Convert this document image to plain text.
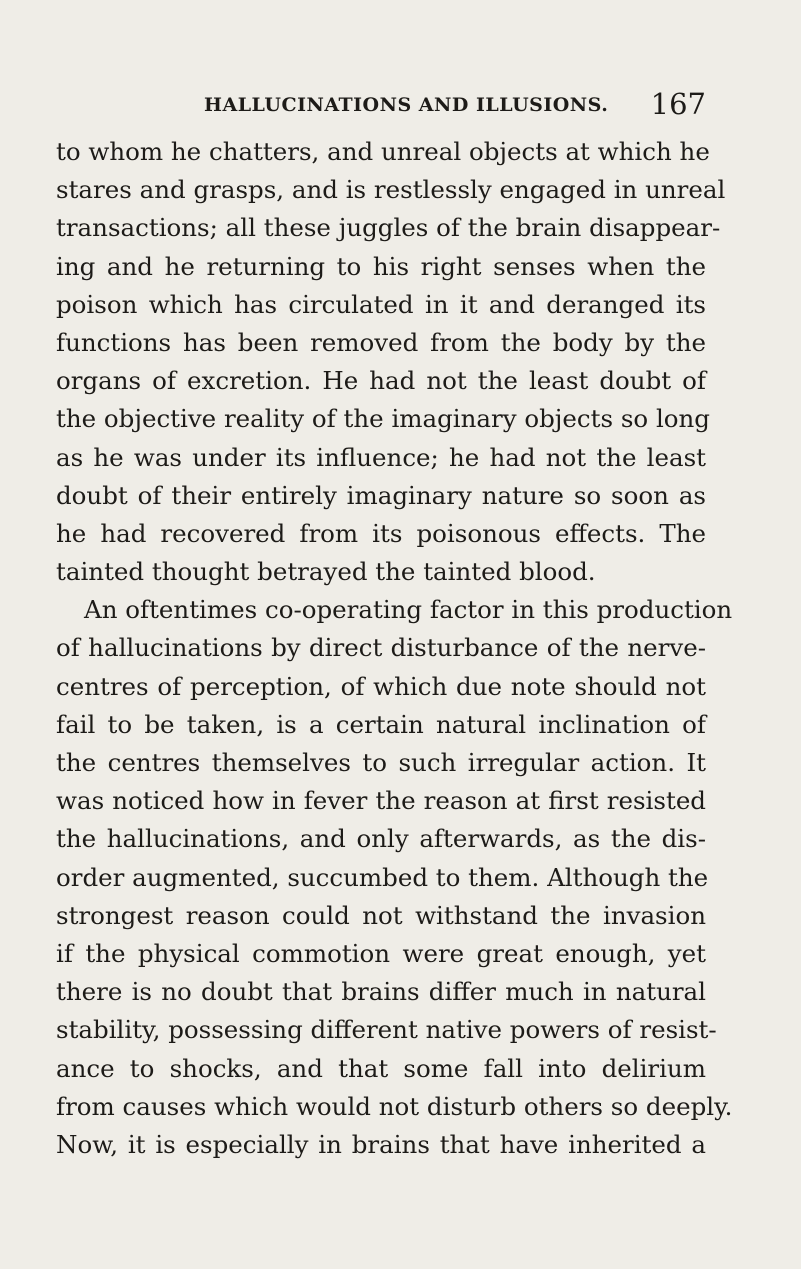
HALLUCINATIONS AND ILLUSIONS. 167
to whom he chatters, and unreal objects at which he
stares and grasps, and is restlessly engaged in unreal
transactions; all these juggles of the brain disappear-
ing and he returning to his right senses when the
poison which has circulated in it and deranged its
functions has been removed from the body by the
organs of excretion. He had not the least doubt of
the objective reality of the imaginary objects so long
as he was under its influence; he had not the least
doubt of their entirely imaginary nature so soon as
he had recovered from its poisonous effects. The
tainted thought betrayed the tainted blood.
An oftentimes co-operating factor in this production
of hallucinations by direct disturbance of the nerve-
centres of perception, of which due note should not
fail to be taken, is a certain natural inclination of
the centres themselves to such irregular action. It
was noticed how in fever the reason at first resisted
the hallucinations, and only afterwards, as the dis-
order augmented, succumbed to them. Although the
strongest reason could not withstand the invasion
if the physical commotion were great enough, yet
there is no doubt that brains differ much in natural
stability, possessing different native powers of resist-
ance to shocks, and that some fall into delirium
from causes which would not disturb others so deeply.
Now, it is especially in brains that have inherited a
